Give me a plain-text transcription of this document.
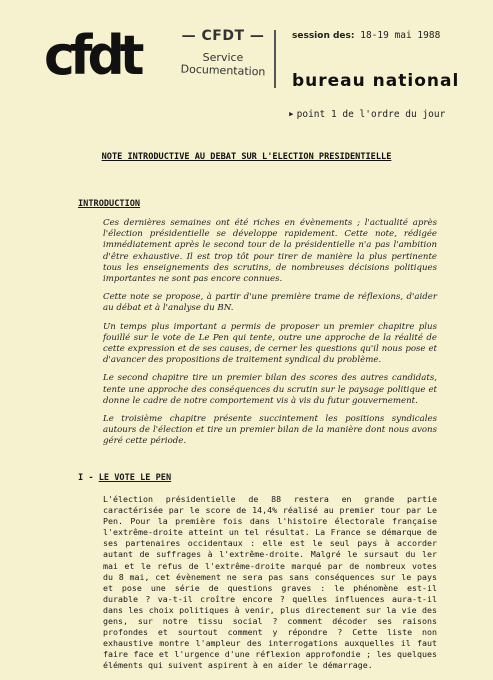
cfdt	— CFDT —
Service
Documentation
session des: 18-19 mai 1988
bureau national
▸ point 1 de l'ordre du jour
NOTE INTRODUCTIVE AU DEBAT SUR L'ELECTION PRESIDENTIELLE
INTRODUCTION

Ces dernières semaines ont été riches en évènements ; l'actualité après l'élection présidentielle se développe rapidement. Cette note, rédigée immédiatement après le second tour de la présidentielle n'a pas l'ambition d'être exhaustive. Il est trop tôt pour tirer de manière la plus pertinente tous les enseignements des scrutins, de nombreuses décisions politiques importantes ne sont pas encore connues.

Cette note se propose, à partir d'une première trame de réflexions, d'aider au débat et à l'analyse du BN.

Un temps plus important a permis de proposer un premier chapitre plus fouillé sur le vote de Le Pen qui tente, outre une approche de la réalité de cette expression et de ses causes, de cerner les questions qu'il nous pose et d'avancer des propositions de traitement syndical du problème.

Le second chapitre tire un premier bilan des scores des autres candidats, tente une approche des conséquences du scrutin sur le paysage politique et donne le cadre de notre comportement vis à vis du futur gouvernement.

Le troisième chapitre présente succintement les positions syndicales autours de l'élection et tire un premier bilan de la manière dont nous avons géré cette période.

I - LE VOTE LE PEN

L'élection présidentielle de 88 restera en grande partie caractérisée par le score de 14,4% réalisé au premier tour par Le Pen. Pour la première fois dans l'histoire électorale française l'extrême-droite atteint un tel résultat. La France se démarque de ses partenaires occidentaux : elle est le seul pays à accorder autant de suffrages à l'extrême-droite. Malgré le sursaut du ler mai et le refus de l'extrême-droite marqué par de nombreux votes du 8 mai, cet évènement ne sera pas sans conséquences sur le pays et pose une série de questions graves : le phénomène est-il durable ? va-t-il croître encore ? quelles influences aura-t-il dans les choix politiques à venir, plus directement sur la vie des gens, sur notre tissu social ? comment décoder ses raisons profondes et sourtout comment y répondre ? Cette liste non exhaustive montre l'ampleur des interrogations auxquelles il faut faire face et l'urgence d'une réflexion approfondie ; les quelques éléments qui suivent aspirent à en aider le démarrage.
